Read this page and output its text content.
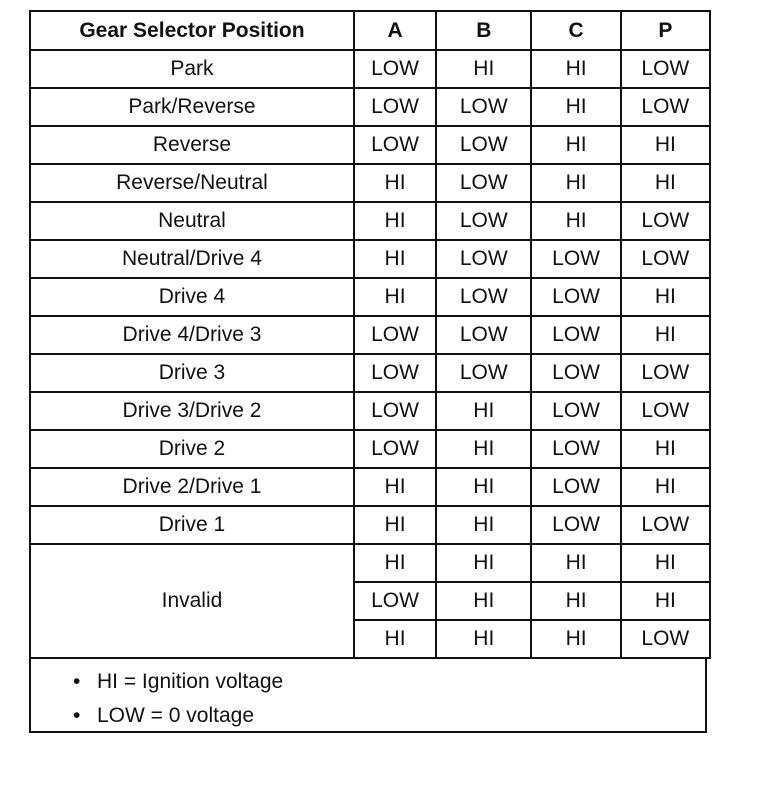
Gear Selector Position	A	B	C	P
Park	LOW	HI	HI	LOW
Park/Reverse	LOW	LOW	HI	LOW
Reverse	LOW	LOW	HI	HI
Reverse/Neutral	HI	LOW	HI	HI
Neutral	HI	LOW	HI	LOW
Neutral/Drive 4	HI	LOW	LOW	LOW
Drive 4	HI	LOW	LOW	HI
Drive 4/Drive 3	LOW	LOW	LOW	HI
Drive 3	LOW	LOW	LOW	LOW
Drive 3/Drive 2	LOW	HI	LOW	LOW
Drive 2	LOW	HI	LOW	HI
Drive 2/Drive 1	HI	HI	LOW	HI
Drive 1	HI	HI	LOW	LOW
Invalid	HI	HI	HI	HI
	LOW	HI	HI	HI
	HI	HI	HI	LOW
• HI = Ignition voltage
• LOW = 0 voltage
